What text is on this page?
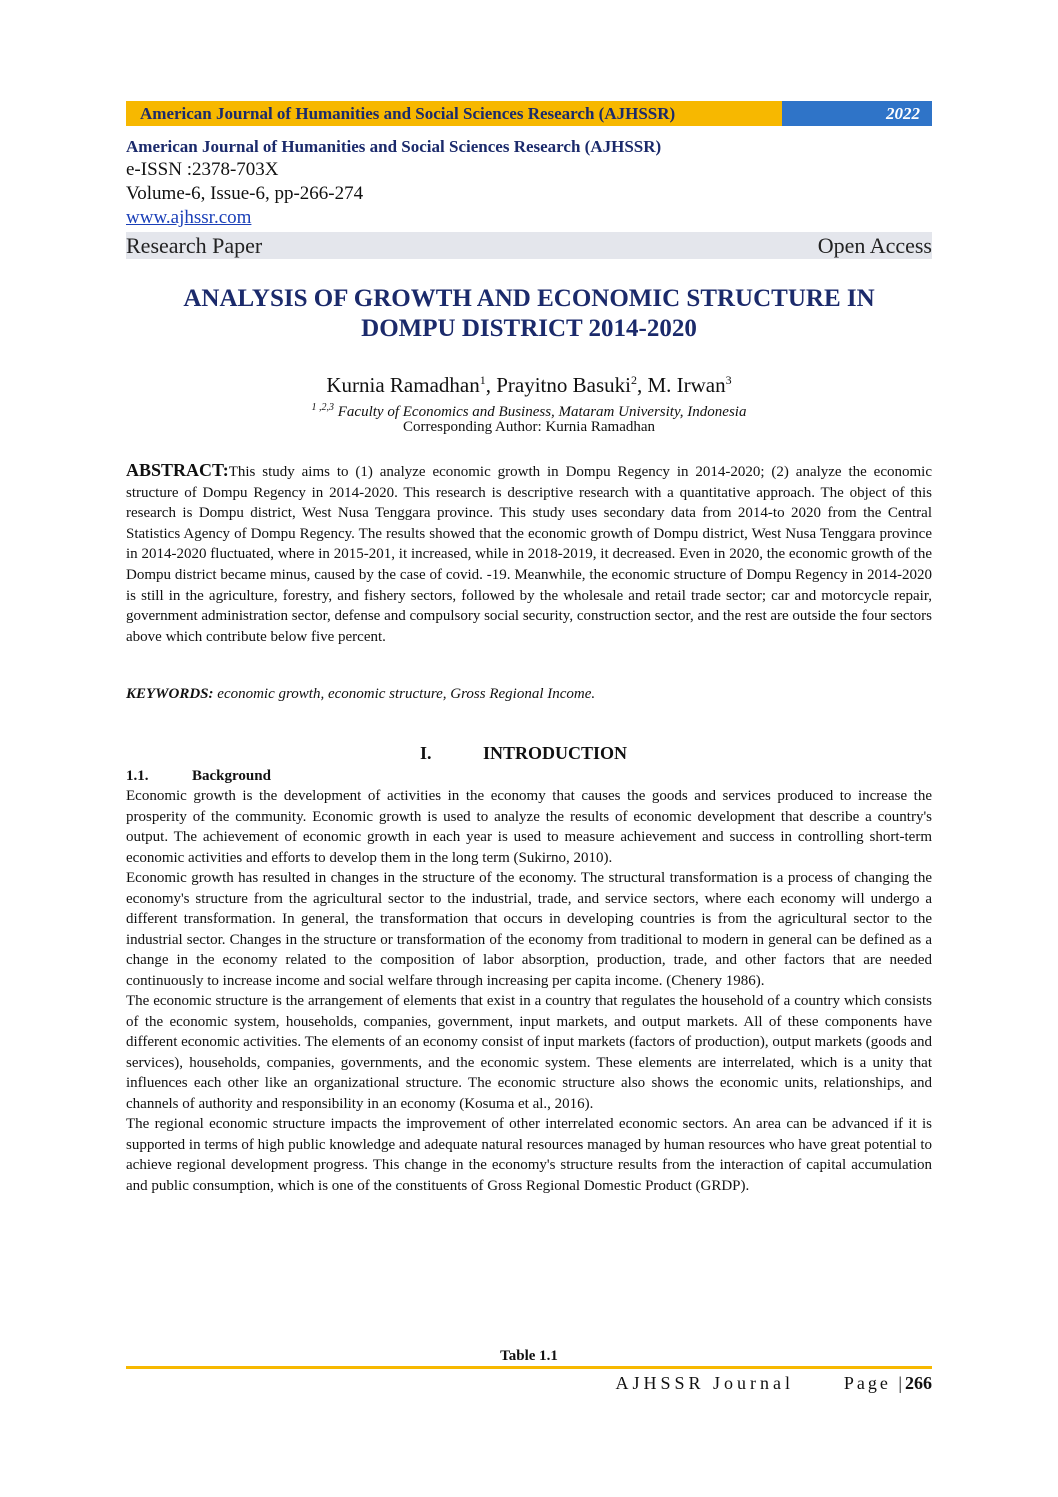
American Journal of Humanities and Social Sciences Research (AJHSSR)	2022
American Journal of Humanities and Social Sciences Research (AJHSSR)
e-ISSN :2378-703X
Volume-6, Issue-6, pp-266-274
www.ajhssr.com
Research Paper	Open Access
ANALYSIS OF GROWTH AND ECONOMIC STRUCTURE IN
DOMPU DISTRICT 2014-2020
Kurnia Ramadhan$^1$, Prayitno Basuki$^2$, M. Irwan$^3$
$^{1 ,2,3}$ Faculty of Economics and Business, Mataram University, Indonesia
Corresponding Author: Kurnia Ramadhan
ABSTRACT:This study aims to (1) analyze economic growth in Dompu Regency in 2014-2020; (2) analyze the economic structure of Dompu Regency in 2014-2020. This research is descriptive research with a quantitative approach. The object of this research is Dompu district, West Nusa Tenggara province. This study uses secondary data from 2014-to 2020 from the Central Statistics Agency of Dompu Regency. The results showed that the economic growth of Dompu district, West Nusa Tenggara province in 2014-2020 fluctuated, where in 2015-201, it increased, while in 2018-2019, it decreased. Even in 2020, the economic growth of the Dompu district became minus, caused by the case of covid. -19. Meanwhile, the economic structure of Dompu Regency in 2014-2020 is still in the agriculture, forestry, and fishery sectors, followed by the wholesale and retail trade sector; car and motorcycle repair, government administration sector, defense and compulsory social security, construction sector, and the rest are outside the four sectors above which contribute below five percent.
KEYWORDS: economic growth, economic structure, Gross Regional Income.
I.	INTRODUCTION
1.1.	Background

Economic growth is the development of activities in the economy that causes the goods and services produced to increase the prosperity of the community. Economic growth is used to analyze the results of economic development that describe a country's output. The achievement of economic growth in each year is used to measure achievement and success in controlling short-term economic activities and efforts to develop them in the long term (Sukirno, 2010).

Economic growth has resulted in changes in the structure of the economy. The structural transformation is a process of changing the economy's structure from the agricultural sector to the industrial, trade, and service sectors, where each economy will undergo a different transformation. In general, the transformation that occurs in developing countries is from the agricultural sector to the industrial sector. Changes in the structure or transformation of the economy from traditional to modern in general can be defined as a change in the economy related to the composition of labor absorption, production, trade, and other factors that are needed continuously to increase income and social welfare through increasing per capita income. (Chenery 1986).

The economic structure is the arrangement of elements that exist in a country that regulates the household of a country which consists of the economic system, households, companies, government, input markets, and output markets. All of these components have different economic activities. The elements of an economy consist of input markets (factors of production), output markets (goods and services), households, companies, governments, and the economic system. These elements are interrelated, which is a unity that influences each other like an organizational structure. The economic structure also shows the economic units, relationships, and channels of authority and responsibility in an economy (Kosuma et al., 2016).

The regional economic structure impacts the improvement of other interrelated economic sectors. An area can be advanced if it is supported in terms of high public knowledge and adequate natural resources managed by human resources who have great potential to achieve regional development progress. This change in the economy's structure results from the interaction of capital accumulation and public consumption, which is one of the constituents of Gross Regional Domestic Product (GRDP).

Table 1.1
AJHSSR Journal	Page |266
